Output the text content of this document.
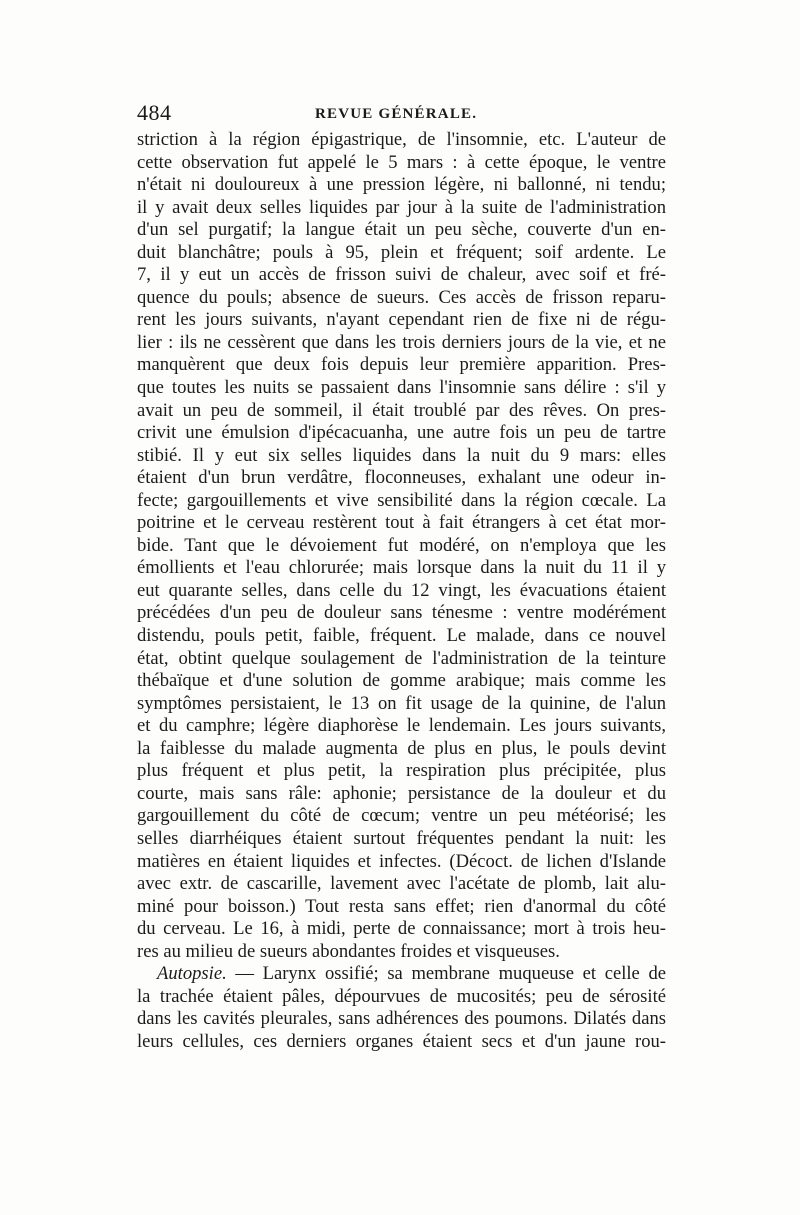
484	REVUE GÉNÉRALE.
striction à la région épigastrique, de l'insomnie, etc. L'auteur de
cette observation fut appelé le 5 mars : à cette époque, le ventre
n'était ni douloureux à une pression légère, ni ballonné, ni tendu;
il y avait deux selles liquides par jour à la suite de l'administration
d'un sel purgatif; la langue était un peu sèche, couverte d'un en-
duit blanchâtre; pouls à 95, plein et fréquent; soif ardente. Le
7, il y eut un accès de frisson suivi de chaleur, avec soif et fré-
quence du pouls; absence de sueurs. Ces accès de frisson reparu-
rent les jours suivants, n'ayant cependant rien de fixe ni de régu-
lier : ils ne cessèrent que dans les trois derniers jours de la vie, et ne
manquèrent que deux fois depuis leur première apparition. Pres-
que toutes les nuits se passaient dans l'insomnie sans délire : s'il y
avait un peu de sommeil, il était troublé par des rêves. On pres-
crivit une émulsion d'ipécacuanha, une autre fois un peu de tartre
stibié. Il y eut six selles liquides dans la nuit du 9 mars: elles
étaient d'un brun verdâtre, floconneuses, exhalant une odeur in-
fecte; gargouillements et vive sensibilité dans la région cœcale. La
poitrine et le cerveau restèrent tout à fait étrangers à cet état mor-
bide. Tant que le dévoiement fut modéré, on n'employa que les
émollients et l'eau chlorurée; mais lorsque dans la nuit du 11 il y
eut quarante selles, dans celle du 12 vingt, les évacuations étaient
précédées d'un peu de douleur sans ténesme : ventre modérément
distendu, pouls petit, faible, fréquent. Le malade, dans ce nouvel
état, obtint quelque soulagement de l'administration de la teinture
thébaïque et d'une solution de gomme arabique; mais comme les
symptômes persistaient, le 13 on fit usage de la quinine, de l'alun
et du camphre; légère diaphorèse le lendemain. Les jours suivants,
la faiblesse du malade augmenta de plus en plus, le pouls devint
plus fréquent et plus petit, la respiration plus précipitée, plus
courte, mais sans râle: aphonie; persistance de la douleur et du
gargouillement du côté de cœcum; ventre un peu météorisé; les
selles diarrhéiques étaient surtout fréquentes pendant la nuit: les
matières en étaient liquides et infectes. (Décoct. de lichen d'Islande
avec extr. de cascarille, lavement avec l'acétate de plomb, lait alu-
miné pour boisson.) Tout resta sans effet; rien d'anormal du côté
du cerveau. Le 16, à midi, perte de connaissance; mort à trois heu-
res au milieu de sueurs abondantes froides et visqueuses.
Autopsie. — Larynx ossifié; sa membrane muqueuse et celle de
la trachée étaient pâles, dépourvues de mucosités; peu de sérosité
dans les cavités pleurales, sans adhérences des poumons. Dilatés dans
leurs cellules, ces derniers organes étaient secs et d'un jaune rou-
